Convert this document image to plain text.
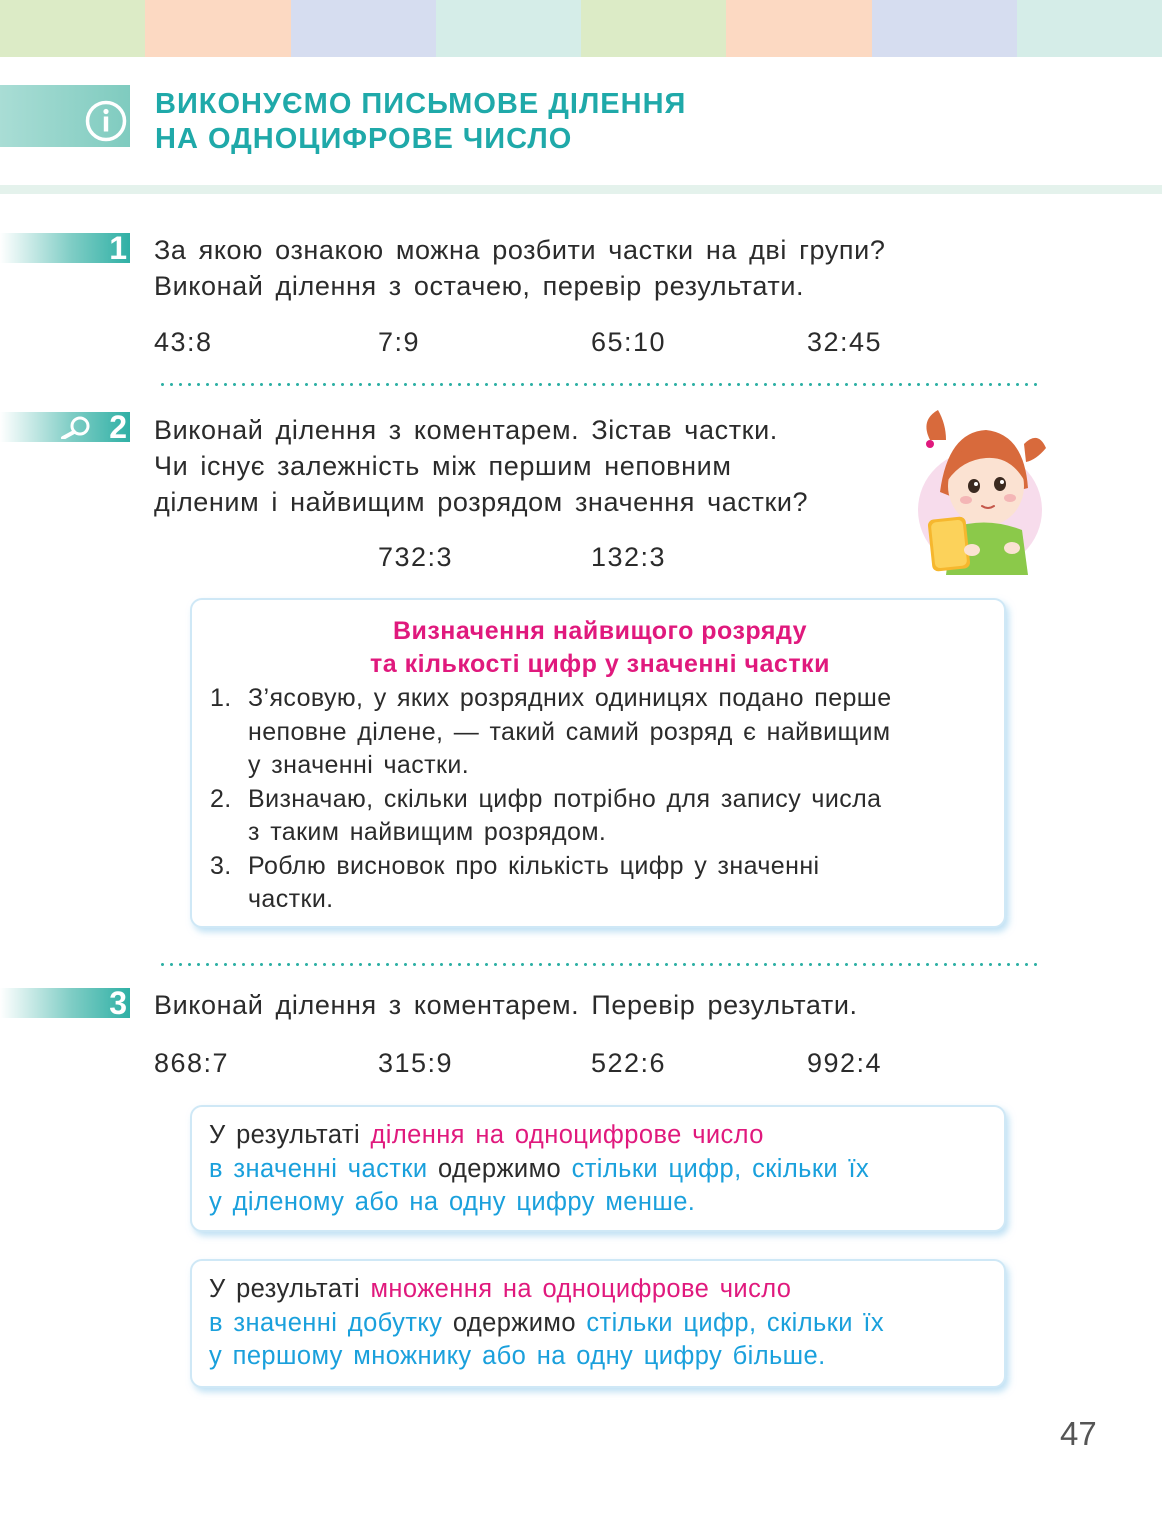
ВИКОНУЄМО ПИСЬМОВЕ ДІЛЕННЯ
НА ОДНОЦИФРОВЕ ЧИСЛО
1 За якою ознакою можна розбити частки на дві групи?
Виконай ділення з остачею, перевір результати.
43:8	7:9	65:10	32:45
2 Виконай ділення з коментарем. Зістав частки.
Чи існує залежність між першим неповним
діленим і найвищим розрядом значення частки?
732:3	132:3
Визначення найвищого розряду
та кількості цифр у значенні частки
1. З’ясовую, у яких розрядних одиницях подано перше
неповне ділене, — такий самий розряд є найвищим
у значенні частки.
2. Визначаю, скільки цифр потрібно для запису числа
з таким найвищим розрядом.
3. Роблю висновок про кількість цифр у значенні
частки.
3 Виконай ділення з коментарем. Перевір результати.
868:7	315:9	522:6	992:4
У результаті ділення на одноцифрове число
в значенні частки одержимо стільки цифр, скільки їх
у діленому або на одну цифру менше.
У результаті множення на одноцифрове число
в значенні добутку одержимо стільки цифр, скільки їх
у першому множнику або на одну цифру більше.
47
